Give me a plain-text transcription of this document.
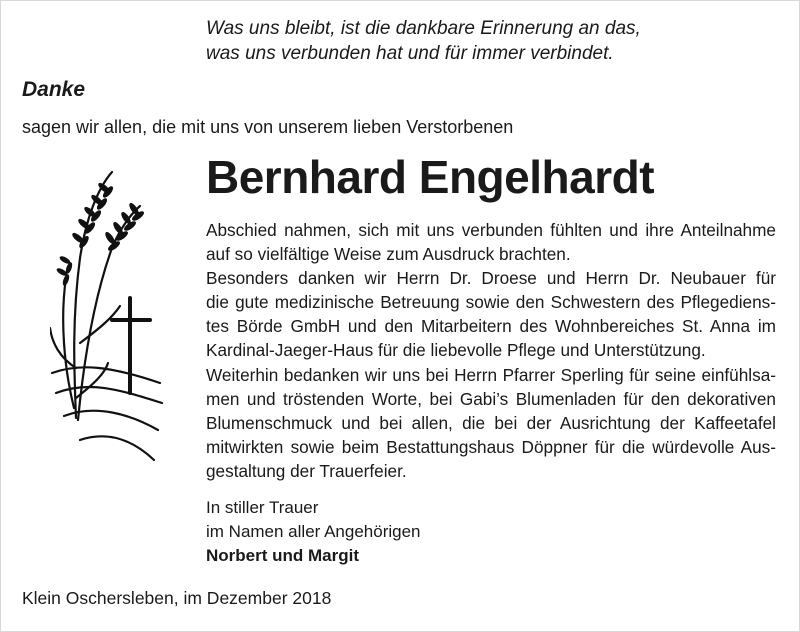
Was uns bleibt, ist die dankbare Erinnerung an das,
was uns verbunden hat und für immer verbindet.
Danke
sagen wir allen, die mit uns von unserem lieben Verstorbenen
Bernhard Engelhardt
Abschied nahmen, sich mit uns verbunden fühlten und ihre Anteilnahme
auf so vielfältige Weise zum Ausdruck brachten.
Besonders danken wir Herrn Dr. Droese und Herrn Dr. Neubauer für
die gute medizinische Betreuung sowie den Schwestern des Pflegediens-
tes Börde GmbH und den Mitarbeitern des Wohnbereiches St. Anna im
Kardinal-Jaeger-Haus für die liebevolle Pflege und Unterstützung.
Weiterhin bedanken wir uns bei Herrn Pfarrer Sperling für seine einfühlsa-
men und tröstenden Worte, bei Gabi’s Blumenladen für den dekorativen
Blumenschmuck und bei allen, die bei der Ausrichtung der Kaffeetafel
mitwirkten sowie beim Bestattungshaus Döppner für die würdevolle Aus-
gestaltung der Trauerfeier.
In stiller Trauer
im Namen aller Angehörigen
Norbert und Margit
Klein Oschersleben, im Dezember 2018
